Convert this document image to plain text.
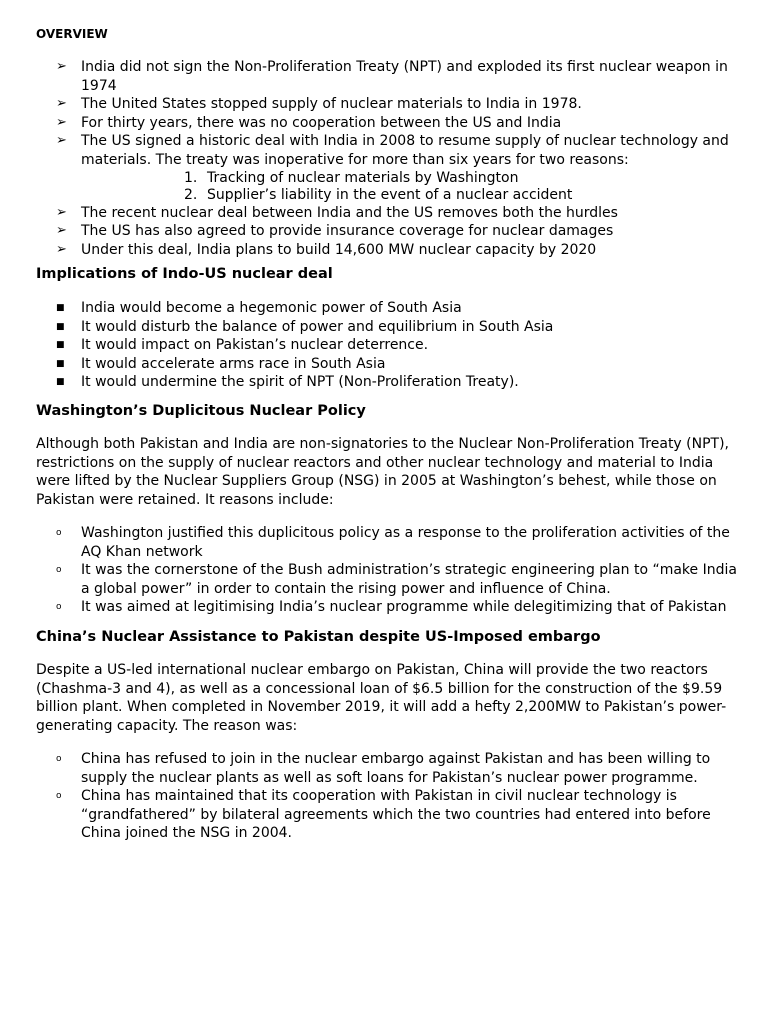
OVERVIEW
➢	India did not sign the Non-Proliferation Treaty (NPT) and exploded its first nuclear weapon in 1974
➢	The United States stopped supply of nuclear materials to India in 1978.
➢	For thirty years, there was no cooperation between the US and India
➢	The US signed a historic deal with India in 2008 to resume supply of nuclear technology and materials. The treaty was inoperative for more than six years for two reasons:
1. Tracking of nuclear materials by Washington
2. Supplier’s liability in the event of a nuclear accident
➢	The recent nuclear deal between India and the US removes both the hurdles
➢	The US has also agreed to provide insurance coverage for nuclear damages
➢	Under this deal, India plans to build 14,600 MW nuclear capacity by 2020
Implications of Indo-US nuclear deal
■	India would become a hegemonic power of South Asia
■	It would disturb the balance of power and equilibrium in South Asia
■	It would impact on Pakistan’s nuclear deterrence.
■	It would accelerate arms race in South Asia
■	It would undermine the spirit of NPT (Non-Proliferation Treaty).
Washington’s Duplicitous Nuclear Policy
Although both Pakistan and India are non-signatories to the Nuclear Non-Proliferation Treaty (NPT), restrictions on the supply of nuclear reactors and other nuclear technology and material to India were lifted by the Nuclear Suppliers Group (NSG) in 2005 at Washington’s behest, while those on Pakistan were retained. It reasons include:
o	Washington justified this duplicitous policy as a response to the proliferation activities of the AQ Khan network
o	It was the cornerstone of the Bush administration’s strategic engineering plan to “make India a global power” in order to contain the rising power and influence of China.
o	It was aimed at legitimising India’s nuclear programme while delegitimizing that of Pakistan
China’s Nuclear Assistance to Pakistan despite US-Imposed embargo
Despite a US-led international nuclear embargo on Pakistan, China will provide the two reactors (Chashma-3 and 4), as well as a concessional loan of $6.5 billion for the construction of the $9.59 billion plant. When completed in November 2019, it will add a hefty 2,200MW to Pakistan’s power-generating capacity. The reason was:
o	China has refused to join in the nuclear embargo against Pakistan and has been willing to supply the nuclear plants as well as soft loans for Pakistan’s nuclear power programme.
o	China has maintained that its cooperation with Pakistan in civil nuclear technology is “grandfathered” by bilateral agreements which the two countries had entered into before China joined the NSG in 2004.
